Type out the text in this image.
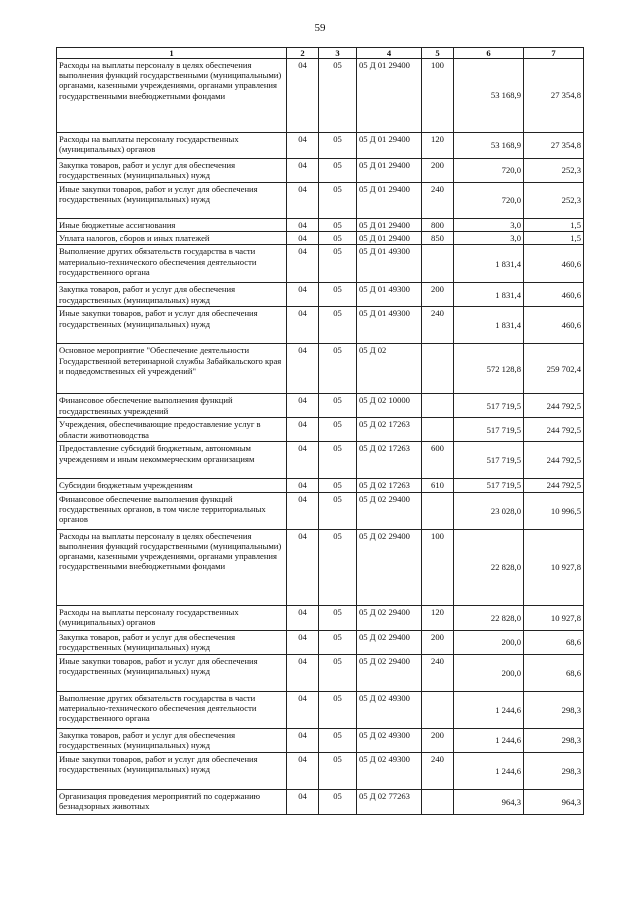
59
1	2	3	4	5	6	7
Расходы на выплаты персоналу в целях обеспечения выполнения функций государственными (муниципальными) органами, казенными учреждениями, органами управления государственными внебюджетными фондами	04	05	05 Д 01 29400	100	53 168,9	27 354,8
Расходы на выплаты персоналу государственных (муниципальных) органов	04	05	05 Д 01 29400	120	53 168,9	27 354,8
Закупка товаров, работ и услуг для обеспечения государственных (муниципальных) нужд	04	05	05 Д 01 29400	200	720,0	252,3
Иные закупки товаров, работ и услуг для обеспечения государственных (муниципальных) нужд	04	05	05 Д 01 29400	240	720,0	252,3
Иные бюджетные ассигнования	04	05	05 Д 01 29400	800	3,0	1,5
Уплата налогов, сборов и иных платежей	04	05	05 Д 01 29400	850	3,0	1,5
Выполнение других обязательств государства в части материально-технического обеспечения деятельности государственного органа	04	05	05 Д 01 49300		1 831,4	460,6
Закупка товаров, работ и услуг для обеспечения государственных (муниципальных) нужд	04	05	05 Д 01 49300	200	1 831,4	460,6
Иные закупки товаров, работ и услуг для обеспечения государственных (муниципальных) нужд	04	05	05 Д 01 49300	240	1 831,4	460,6
Основное мероприятие "Обеспечение деятельности Государственной ветеринарной службы Забайкальского края и подведомственных ей учреждений"	04	05	05 Д 02		572 128,8	259 702,4
Финансовое обеспечение выполнения функций государственных учреждений	04	05	05 Д 02 10000		517 719,5	244 792,5
Учреждения, обеспечивающие предоставление услуг в области животноводства	04	05	05 Д 02 17263		517 719,5	244 792,5
Предоставление субсидий бюджетным, автономным учреждениям и иным некоммерческим организациям	04	05	05 Д 02 17263	600	517 719,5	244 792,5
Субсидии бюджетным учреждениям	04	05	05 Д 02 17263	610	517 719,5	244 792,5
Финансовое обеспечение выполнения функций государственных органов, в том числе территориальных органов	04	05	05 Д 02 29400		23 028,0	10 996,5
Расходы на выплаты персоналу в целях обеспечения выполнения функций государственными (муниципальными) органами, казенными учреждениями, органами управления государственными внебюджетными фондами	04	05	05 Д 02 29400	100	22 828,0	10 927,8
Расходы на выплаты персоналу государственных (муниципальных) органов	04	05	05 Д 02 29400	120	22 828,0	10 927,8
Закупка товаров, работ и услуг для обеспечения государственных (муниципальных) нужд	04	05	05 Д 02 29400	200	200,0	68,6
Иные закупки товаров, работ и услуг для обеспечения государственных (муниципальных) нужд	04	05	05 Д 02 29400	240	200,0	68,6
Выполнение других обязательств государства в части материально-технического обеспечения деятельности государственного органа	04	05	05 Д 02 49300		1 244,6	298,3
Закупка товаров, работ и услуг для обеспечения государственных (муниципальных) нужд	04	05	05 Д 02 49300	200	1 244,6	298,3
Иные закупки товаров, работ и услуг для обеспечения государственных (муниципальных) нужд	04	05	05 Д 02 49300	240	1 244,6	298,3
Организация проведения мероприятий по содержанию безнадзорных животных	04	05	05 Д 02 77263		964,3	964,3
